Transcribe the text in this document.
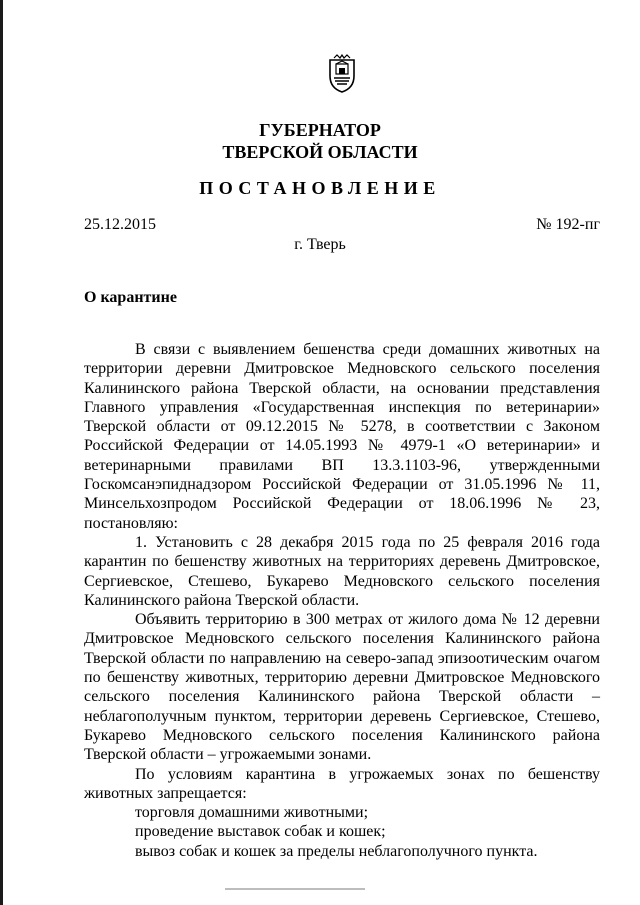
ГУБЕРНАТОР
ТВЕРСКОЙ ОБЛАСТИ
ПОСТАНОВЛЕНИЕ
25.12.2015	№ 192-пг
г. Тверь
О карантине

В связи с выявлением бешенства среди домашних животных на территории деревни Дмитровское Медновского сельского поселения Калининского района Тверской области, на основании представления Главного управления «Государственная инспекция по ветеринарии» Тверской области от 09.12.2015 № 5278, в соответствии с Законом Российской Федерации от 14.05.1993 № 4979-1 «О ветеринарии» и ветеринарными правилами ВП 13.3.1103-96, утвержденными Госкомсанэпиднадзором Российской Федерации от 31.05.1996 № 11, Минсельхозпродом Российской Федерации от 18.06.1996 № 23, постановляю:

1. Установить с 28 декабря 2015 года по 25 февраля 2016 года карантин по бешенству животных на территориях деревень Дмитровское, Сергиевское, Стешево, Букарево Медновского сельского поселения Калининского района Тверской области.

Объявить территорию в 300 метрах от жилого дома № 12 деревни Дмитровское Медновского сельского поселения Калининского района Тверской области по направлению на северо-запад эпизоотическим очагом по бешенству животных, территорию деревни Дмитровское Медновского сельского поселения Калининского района Тверской области – неблагополучным пунктом, территории деревень Сергиевское, Стешево, Букарево Медновского сельского поселения Калининского района Тверской области – угрожаемыми зонами.

По условиям карантина в угрожаемых зонах по бешенству животных запрещается:

торговля домашними животными;
проведение выставок собак и кошек;
вывоз собак и кошек за пределы неблагополучного пункта.
